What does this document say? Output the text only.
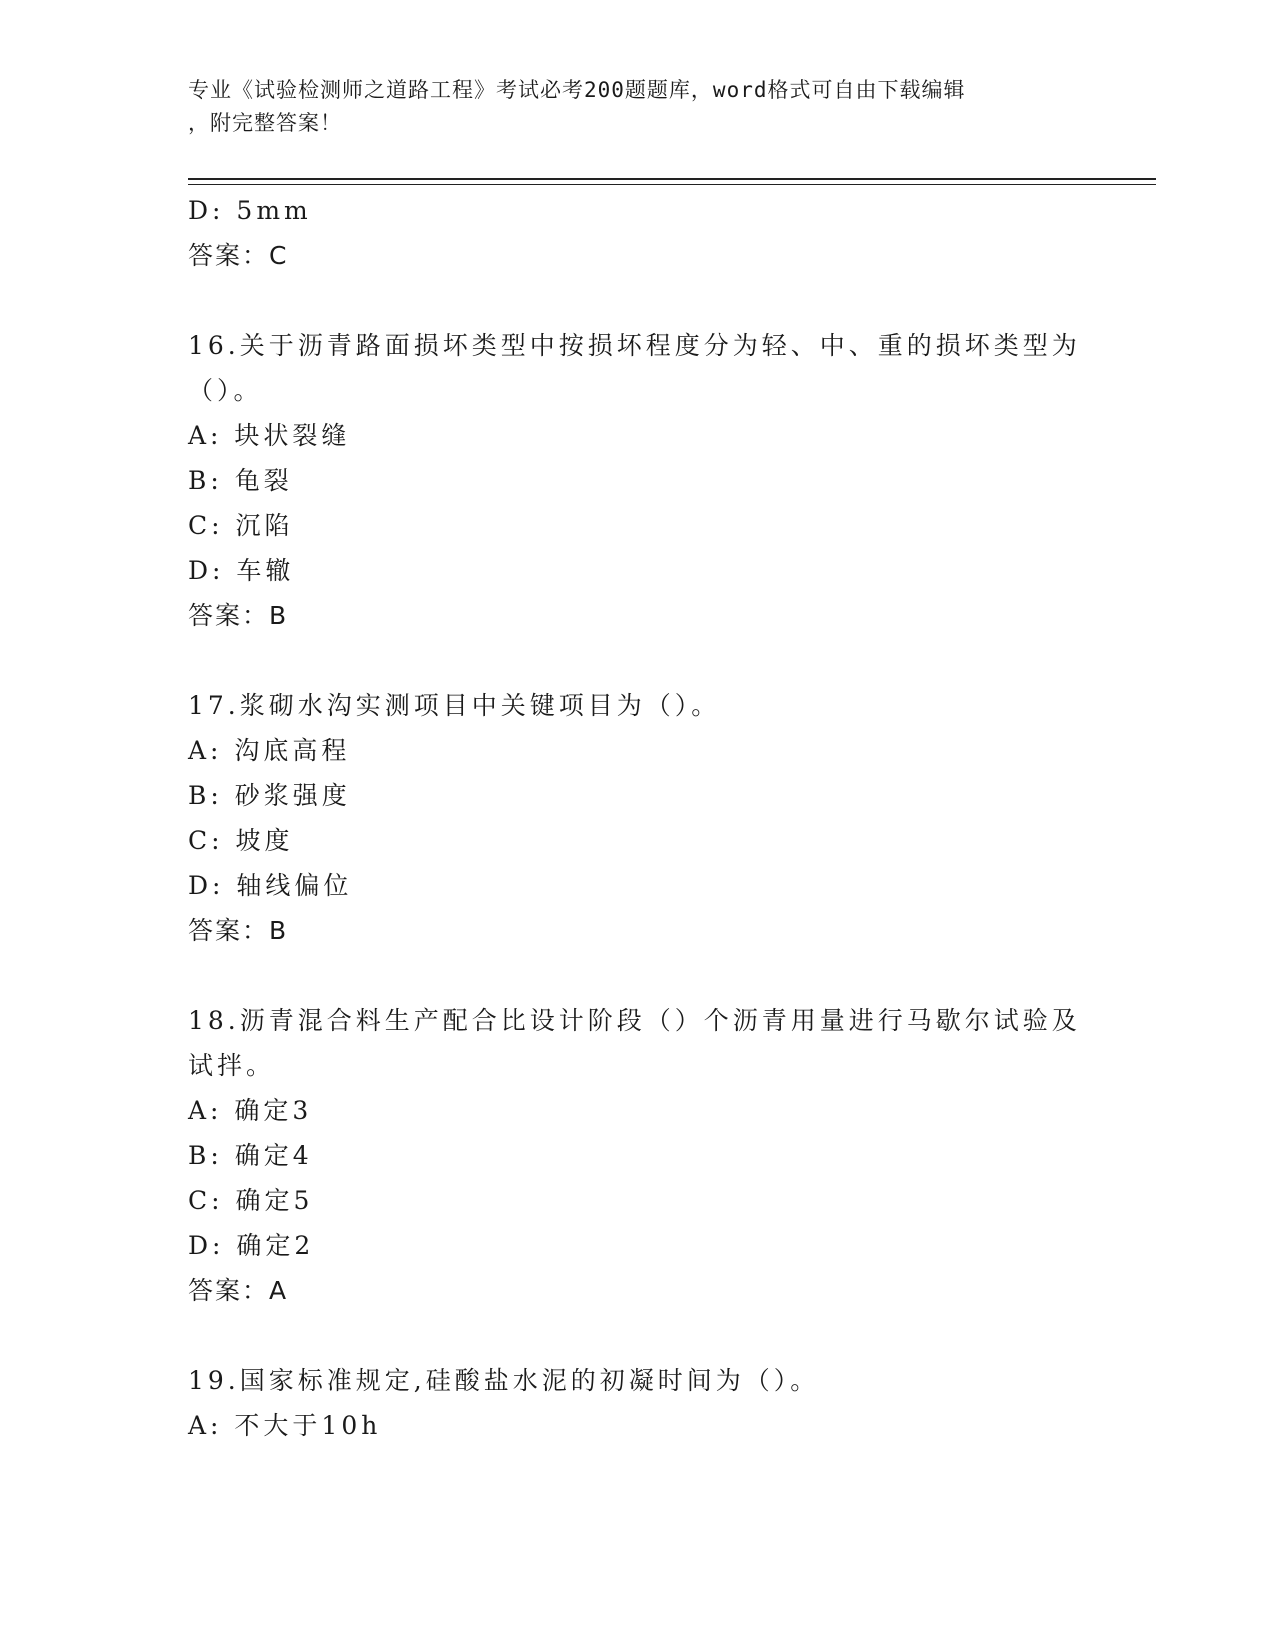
专业《试验检测师之道路工程》考试必考200题题库，word格式可自由下载编辑
，附完整答案！
D: 5mm
答案：C
16.关于沥青路面损坏类型中按损坏程度分为轻、中、重的损坏类型为
（）。
A: 块状裂缝
B: 龟裂
C: 沉陷
D: 车辙
答案：B
17.浆砌水沟实测项目中关键项目为（）。
A: 沟底高程
B: 砂浆强度
C: 坡度
D: 轴线偏位
答案：B
18.沥青混合料生产配合比设计阶段（）个沥青用量进行马歇尔试验及
试拌。
A: 确定3
B: 确定4
C: 确定5
D: 确定2
答案：A
19.国家标准规定,硅酸盐水泥的初凝时间为（）。
A: 不大于10h
